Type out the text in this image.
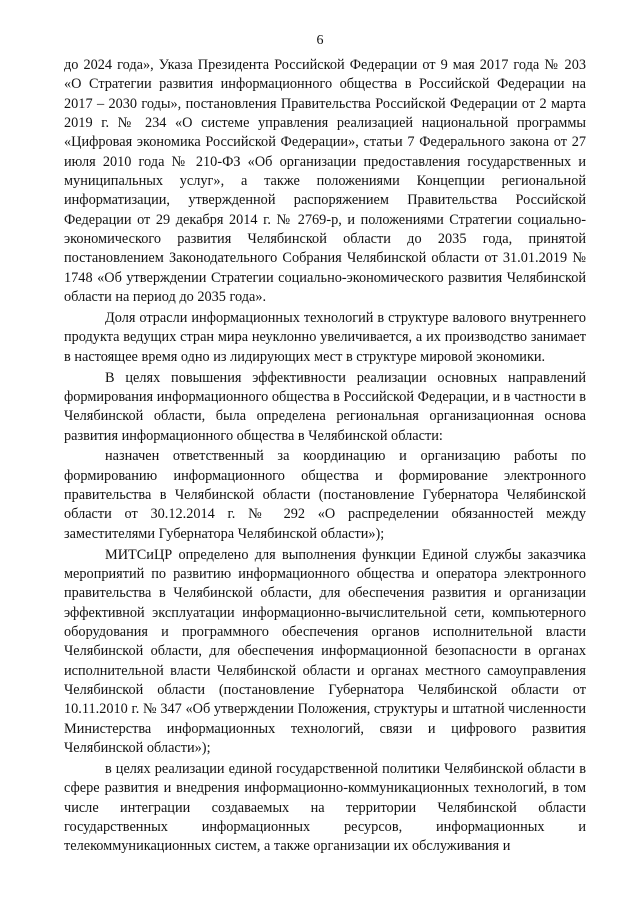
6

до 2024 года», Указа Президента Российской Федерации от 9 мая 2017 года № 203 «О Стратегии развития информационного общества в Российской Федерации на 2017 – 2030 годы», постановления Правительства Российской Федерации от 2 марта 2019 г. № 234 «О системе управления реализацией национальной программы «Цифровая экономика Российской Федерации», статьи 7 Федерального закона от 27 июля 2010 года № 210-ФЗ «Об организации предоставления государственных и муниципальных услуг», а также положениями Концепции региональной информатизации, утвержденной распоряжением Правительства Российской Федерации от 29 декабря 2014 г. № 2769-р, и положениями Стратегии социально-экономического развития Челябинской области до 2035 года, принятой постановлением Законодательного Собрания Челябинской области от 31.01.2019 № 1748 «Об утверждении Стратегии социально-экономического развития Челябинской области на период до 2035 года».

Доля отрасли информационных технологий в структуре валового внутреннего продукта ведущих стран мира неуклонно увеличивается, а их производство занимает в настоящее время одно из лидирующих мест в структуре мировой экономики.

В целях повышения эффективности реализации основных направлений формирования информационного общества в Российской Федерации, и в частности в Челябинской области, была определена региональная организационная основа развития информационного общества в Челябинской области:

назначен ответственный за координацию и организацию работы по формированию информационного общества и формирование электронного правительства в Челябинской области (постановление Губернатора Челябинской области от 30.12.2014 г. № 292 «О распределении обязанностей между заместителями Губернатора Челябинской области»);

МИТСиЦР определено для выполнения функции Единой службы заказчика мероприятий по развитию информационного общества и оператора электронного правительства в Челябинской области, для обеспечения развития и организации эффективной эксплуатации информационно-вычислительной сети, компьютерного оборудования и программного обеспечения органов исполнительной власти Челябинской области, для обеспечения информационной безопасности в органах исполнительной власти Челябинской области и органах местного самоуправления Челябинской области (постановление Губернатора Челябинской области от 10.11.2010 г. № 347 «Об утверждении Положения, структуры и штатной численности Министерства информационных технологий, связи и цифрового развития Челябинской области»);

в целях реализации единой государственной политики Челябинской области в сфере развития и внедрения информационно-коммуникационных технологий, в том числе интеграции создаваемых на территории Челябинской области государственных информационных ресурсов, информационных и телекоммуникационных систем, а также организации их обслуживания и
